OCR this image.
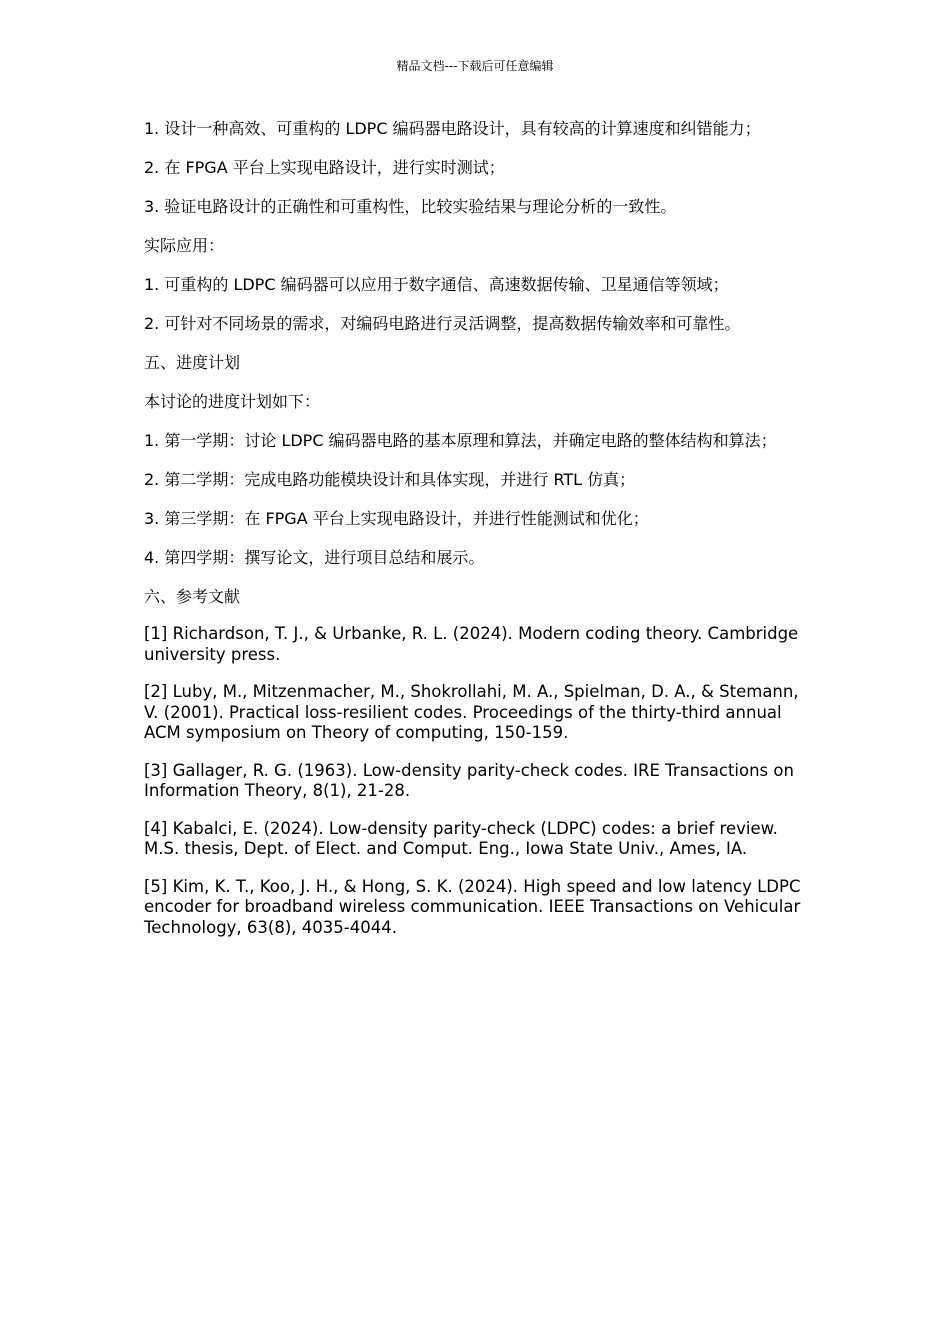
精品文档---下载后可任意编辑

1. 设计一种高效、可重构的 LDPC 编码器电路设计，具有较高的计算速度和纠错能力；

2. 在 FPGA 平台上实现电路设计，进行实时测试；

3. 验证电路设计的正确性和可重构性，比较实验结果与理论分析的一致性。

实际应用：

1. 可重构的 LDPC 编码器可以应用于数字通信、高速数据传输、卫星通信等领域；

2. 可针对不同场景的需求，对编码电路进行灵活调整，提高数据传输效率和可靠性。

五、进度计划

本讨论的进度计划如下：

1. 第一学期：讨论 LDPC 编码器电路的基本原理和算法，并确定电路的整体结构和算法；

2. 第二学期：完成电路功能模块设计和具体实现，并进行 RTL 仿真；

3. 第三学期：在 FPGA 平台上实现电路设计，并进行性能测试和优化；

4. 第四学期：撰写论文，进行项目总结和展示。

六、参考文献

[1] Richardson, T. J., & Urbanke, R. L. (2024). Modern coding theory. Cambridge university press.

[2] Luby, M., Mitzenmacher, M., Shokrollahi, M. A., Spielman, D. A., & Stemann, V. (2001). Practical loss-resilient codes. Proceedings of the thirty-third annual ACM symposium on Theory of computing, 150-159.

[3] Gallager, R. G. (1963). Low-density parity-check codes. IRE Transactions on Information Theory, 8(1), 21-28.

[4] Kabalci, E. (2024). Low-density parity-check (LDPC) codes: a brief review. M.S. thesis, Dept. of Elect. and Comput. Eng., Iowa State Univ., Ames, IA.

[5] Kim, K. T., Koo, J. H., & Hong, S. K. (2024). High speed and low latency LDPC encoder for broadband wireless communication. IEEE Transactions on Vehicular Technology, 63(8), 4035-4044.
